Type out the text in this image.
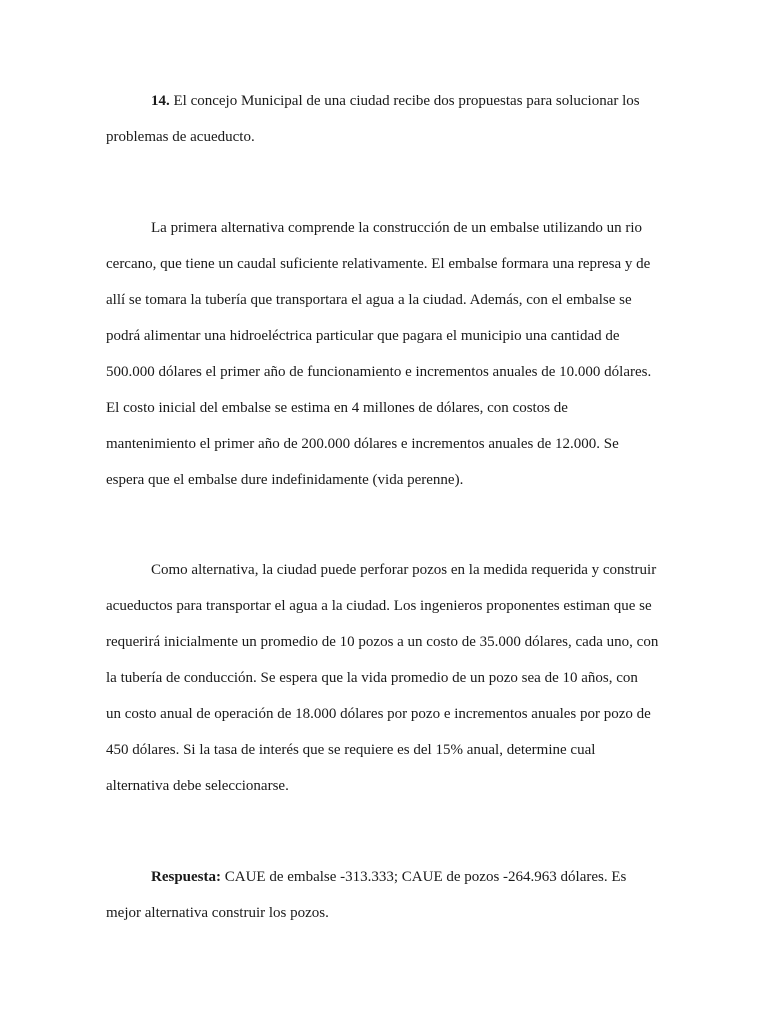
14. El concejo Municipal de una ciudad recibe dos propuestas para solucionar los
problemas de acueducto.
La primera alternativa comprende la construcción de un embalse utilizando un rio
cercano, que tiene un caudal suficiente relativamente. El embalse formara una represa y de
allí se tomara la tubería que transportara el agua a la ciudad. Además, con el embalse se
podrá alimentar una hidroeléctrica particular que pagara el municipio una cantidad de
500.000 dólares el primer año de funcionamiento e incrementos anuales de 10.000 dólares.
El costo inicial del embalse se estima en 4 millones de dólares, con costos de
mantenimiento el primer año de 200.000 dólares e incrementos anuales de 12.000. Se
espera que el embalse dure indefinidamente (vida perenne).
Como alternativa, la ciudad puede perforar pozos en la medida requerida y construir
acueductos para transportar el agua a la ciudad. Los ingenieros proponentes estiman que se
requerirá inicialmente un promedio de 10 pozos a un costo de 35.000 dólares, cada uno, con
la tubería de conducción. Se espera que la vida promedio de un pozo sea de 10 años, con
un costo anual de operación de 18.000 dólares por pozo e incrementos anuales por pozo de
450 dólares. Si la tasa de interés que se requiere es del 15% anual, determine cual
alternativa debe seleccionarse.
Respuesta: CAUE de embalse -313.333; CAUE de pozos -264.963 dólares. Es
mejor alternativa construir los pozos.
